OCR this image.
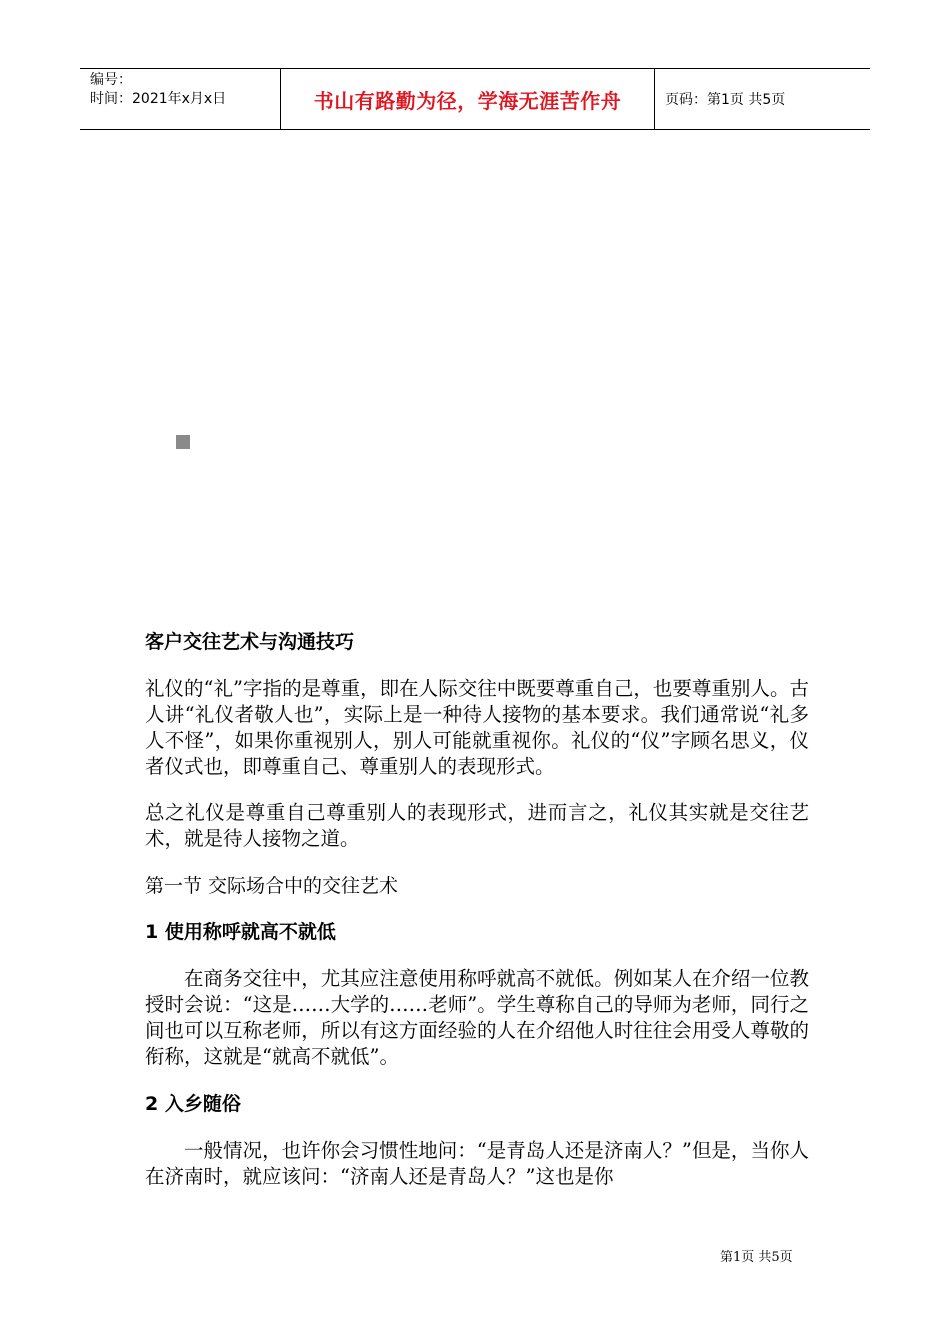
编号：
时间：2021年x月x日	书山有路勤为径，学海无涯苦作舟	页码：第1页 共5页
客户交往艺术与沟通技巧

礼仪的“礼”字指的是尊重，即在人际交往中既要尊重自己，也要尊重别人。古人讲“礼仪者敬人也”，实际上是一种待人接物的基本要求。我们通常说“礼多人不怪”，如果你重视别人，别人可能就重视你。礼仪的“仪”字顾名思义，仪者仪式也，即尊重自己、尊重别人的表现形式。

总之礼仪是尊重自己尊重别人的表现形式，进而言之，礼仪其实就是交往艺术，就是待人接物之道。

第一节 交际场合中的交往艺术

1 使用称呼就高不就低

在商务交往中，尤其应注意使用称呼就高不就低。例如某人在介绍一位教授时会说：“这是……大学的……老师”。学生尊称自己的导师为老师，同行之间也可以互称老师，所以有这方面经验的人在介绍他人时往往会用受人尊敬的衔称，这就是“就高不就低”。

2 入乡随俗

一般情况，也许你会习惯性地问：“是青岛人还是济南人？”但是，当你人在济南时，就应该问：“济南人还是青岛人？”这也是你

第1页 共5页
